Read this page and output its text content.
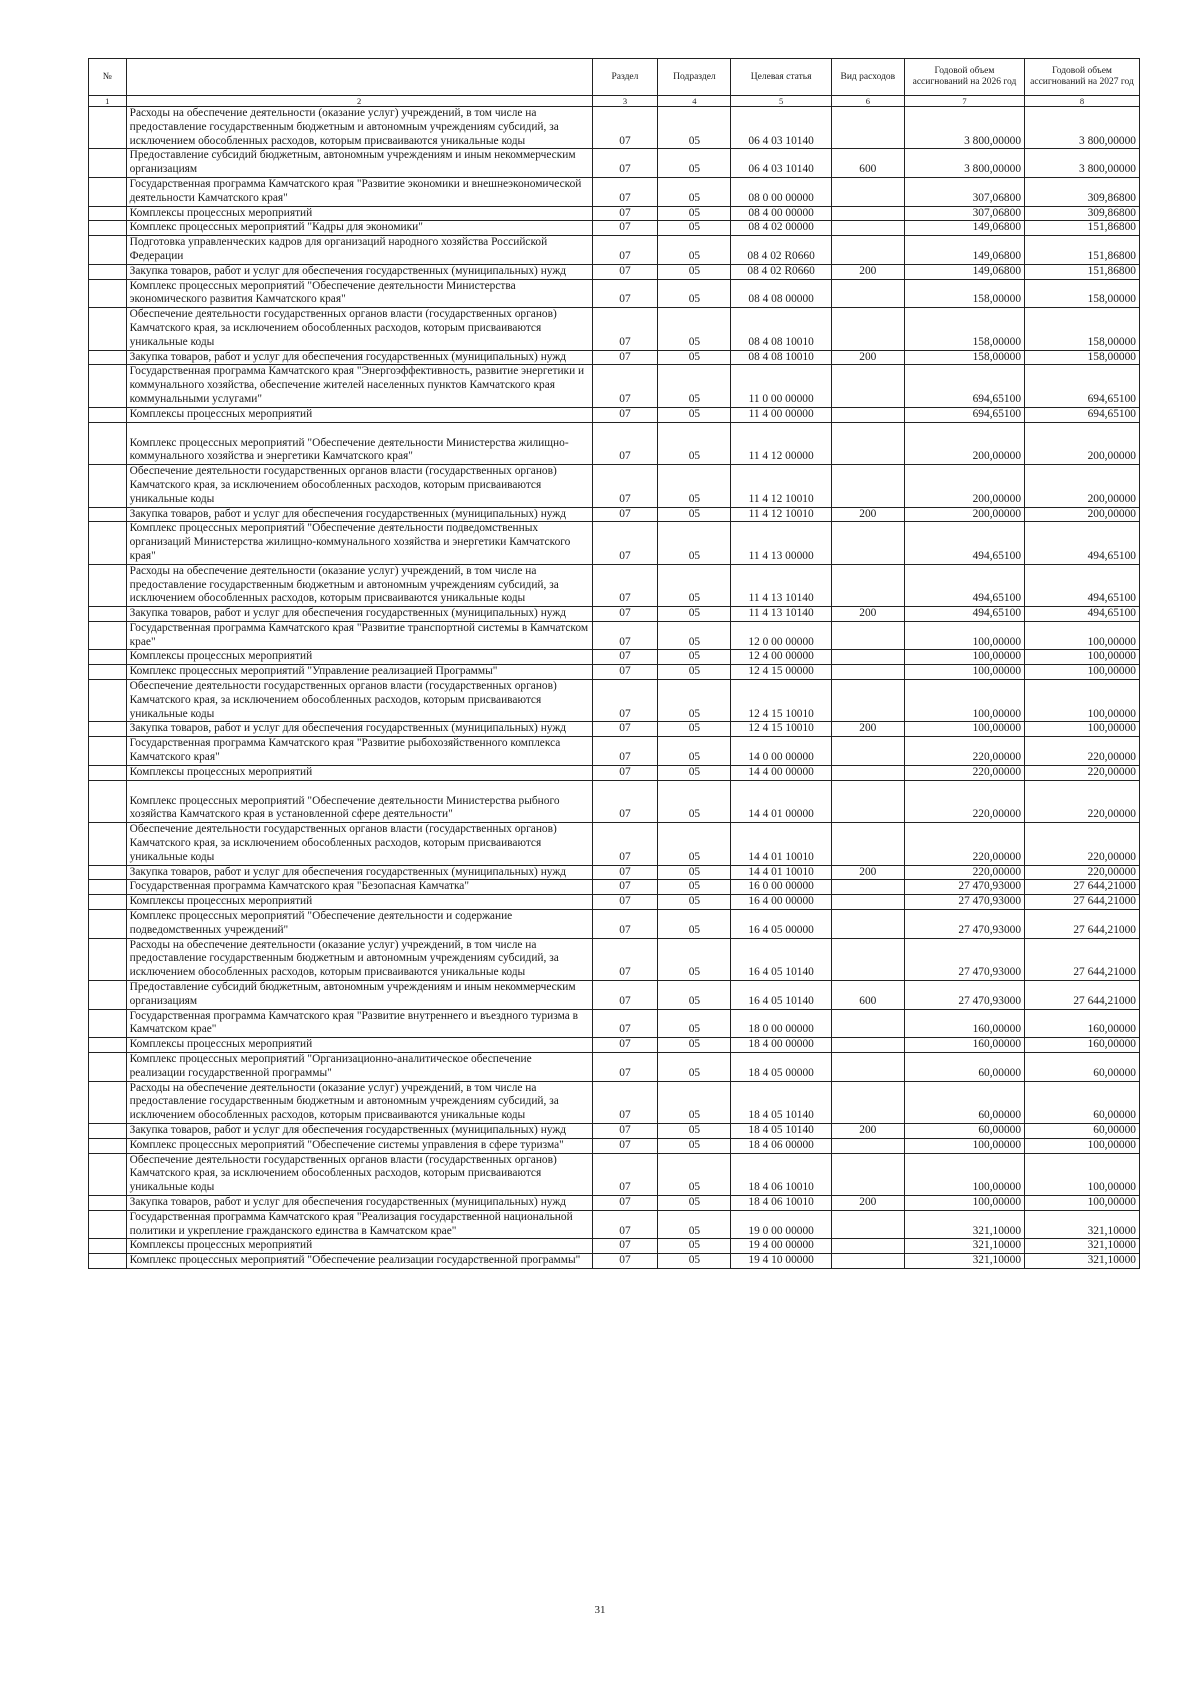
№		Раздел	Подраздел	Целевая статья	Вид расходов	Годовой объем ассигнований на 2026 год	Годовой объем ассигнований на 2027 год
1	2	3	4	5	6	7	8
	Расходы на обеспечение деятельности (оказание услуг) учреждений, в том числе на предоставление государственным бюджетным и автономным учреждениям субсидий, за исключением обособленных расходов, которым присваиваются уникальные коды	07	05	06 4 03 10140		3 800,00000	3 800,00000
	Предоставление субсидий бюджетным, автономным учреждениям и иным некоммерческим организациям	07	05	06 4 03 10140	600	3 800,00000	3 800,00000
	Государственная программа Камчатского края "Развитие экономики и внешнеэкономической деятельности Камчатского края"	07	05	08 0 00 00000		307,06800	309,86800
	Комплексы процессных мероприятий	07	05	08 4 00 00000		307,06800	309,86800
	Комплекс процессных мероприятий "Кадры для экономики"	07	05	08 4 02 00000		149,06800	151,86800
	Подготовка управленческих кадров для организаций народного хозяйства Российской Федерации	07	05	08 4 02 R0660		149,06800	151,86800
	Закупка товаров, работ и услуг для обеспечения государственных (муниципальных) нужд	07	05	08 4 02 R0660	200	149,06800	151,86800
	Комплекс процессных мероприятий "Обеспечение деятельности Министерства экономического развития Камчатского края"	07	05	08 4 08 00000		158,00000	158,00000
	Обеспечение деятельности государственных органов власти (государственных органов) Камчатского края, за исключением обособленных расходов, которым присваиваются уникальные коды	07	05	08 4 08 10010		158,00000	158,00000
	Закупка товаров, работ и услуг для обеспечения государственных (муниципальных) нужд	07	05	08 4 08 10010	200	158,00000	158,00000
	Государственная программа Камчатского края "Энергоэффективность, развитие энергетики и коммунального хозяйства, обеспечение жителей населенных пунктов Камчатского края коммунальными услугами"	07	05	11 0 00 00000		694,65100	694,65100
	Комплексы процессных мероприятий	07	05	11 4 00 00000		694,65100	694,65100
	Комплекс процессных мероприятий "Обеспечение деятельности Министерства жилищно-коммунального хозяйства и энергетики Камчатского края"	07	05	11 4 12 00000		200,00000	200,00000
	Обеспечение деятельности государственных органов власти (государственных органов) Камчатского края, за исключением обособленных расходов, которым присваиваются уникальные коды	07	05	11 4 12 10010		200,00000	200,00000
	Закупка товаров, работ и услуг для обеспечения государственных (муниципальных) нужд	07	05	11 4 12 10010	200	200,00000	200,00000
	Комплекс процессных мероприятий "Обеспечение деятельности подведомственных организаций Министерства жилищно-коммунального хозяйства и энергетики Камчатского края"	07	05	11 4 13 00000		494,65100	494,65100
	Расходы на обеспечение деятельности (оказание услуг) учреждений, в том числе на предоставление государственным бюджетным и автономным учреждениям субсидий, за исключением обособленных расходов, которым присваиваются уникальные коды	07	05	11 4 13 10140		494,65100	494,65100
	Закупка товаров, работ и услуг для обеспечения государственных (муниципальных) нужд	07	05	11 4 13 10140	200	494,65100	494,65100
	Государственная программа Камчатского края "Развитие транспортной системы в Камчатском крае"	07	05	12 0 00 00000		100,00000	100,00000
	Комплексы процессных мероприятий	07	05	12 4 00 00000		100,00000	100,00000
	Комплекс процессных мероприятий "Управление реализацией Программы"	07	05	12 4 15 00000		100,00000	100,00000
	Обеспечение деятельности государственных органов власти (государственных органов) Камчатского края, за исключением обособленных расходов, которым присваиваются уникальные коды	07	05	12 4 15 10010		100,00000	100,00000
	Закупка товаров, работ и услуг для обеспечения государственных (муниципальных) нужд	07	05	12 4 15 10010	200	100,00000	100,00000
	Государственная программа Камчатского края "Развитие рыбохозяйственного комплекса Камчатского края"	07	05	14 0 00 00000		220,00000	220,00000
	Комплексы процессных мероприятий	07	05	14 4 00 00000		220,00000	220,00000
	Комплекс процессных мероприятий "Обеспечение деятельности Министерства рыбного хозяйства Камчатского края в установленной сфере деятельности"	07	05	14 4 01 00000		220,00000	220,00000
	Обеспечение деятельности государственных органов власти (государственных органов) Камчатского края, за исключением обособленных расходов, которым присваиваются уникальные коды	07	05	14 4 01 10010		220,00000	220,00000
	Закупка товаров, работ и услуг для обеспечения государственных (муниципальных) нужд	07	05	14 4 01 10010	200	220,00000	220,00000
	Государственная программа Камчатского края "Безопасная Камчатка"	07	05	16 0 00 00000		27 470,93000	27 644,21000
	Комплексы процессных мероприятий	07	05	16 4 00 00000		27 470,93000	27 644,21000
	Комплекс процессных мероприятий "Обеспечение деятельности и содержание подведомственных учреждений"	07	05	16 4 05 00000		27 470,93000	27 644,21000
	Расходы на обеспечение деятельности (оказание услуг) учреждений, в том числе на предоставление государственным бюджетным и автономным учреждениям субсидий, за исключением обособленных расходов, которым присваиваются уникальные коды	07	05	16 4 05 10140		27 470,93000	27 644,21000
	Предоставление субсидий бюджетным, автономным учреждениям и иным некоммерческим организациям	07	05	16 4 05 10140	600	27 470,93000	27 644,21000
	Государственная программа Камчатского края "Развитие внутреннего и въездного туризма в Камчатском крае"	07	05	18 0 00 00000		160,00000	160,00000
	Комплексы процессных мероприятий	07	05	18 4 00 00000		160,00000	160,00000
	Комплекс процессных мероприятий "Организационно-аналитическое обеспечение реализации государственной программы"	07	05	18 4 05 00000		60,00000	60,00000
	Расходы на обеспечение деятельности (оказание услуг) учреждений, в том числе на предоставление государственным бюджетным и автономным учреждениям субсидий, за исключением обособленных расходов, которым присваиваются уникальные коды	07	05	18 4 05 10140		60,00000	60,00000
	Закупка товаров, работ и услуг для обеспечения государственных (муниципальных) нужд	07	05	18 4 05 10140	200	60,00000	60,00000
	Комплекс процессных мероприятий "Обеспечение системы управления в сфере туризма"	07	05	18 4 06 00000		100,00000	100,00000
	Обеспечение деятельности государственных органов власти (государственных органов) Камчатского края, за исключением обособленных расходов, которым присваиваются уникальные коды	07	05	18 4 06 10010		100,00000	100,00000
	Закупка товаров, работ и услуг для обеспечения государственных (муниципальных) нужд	07	05	18 4 06 10010	200	100,00000	100,00000
	Государственная программа Камчатского края "Реализация государственной национальной политики и укрепление гражданского единства в Камчатском крае"	07	05	19 0 00 00000		321,10000	321,10000
	Комплексы процессных мероприятий	07	05	19 4 00 00000		321,10000	321,10000
	Комплекс процессных мероприятий "Обеспечение реализации государственной программы"	07	05	19 4 10 00000		321,10000	321,10000
31
